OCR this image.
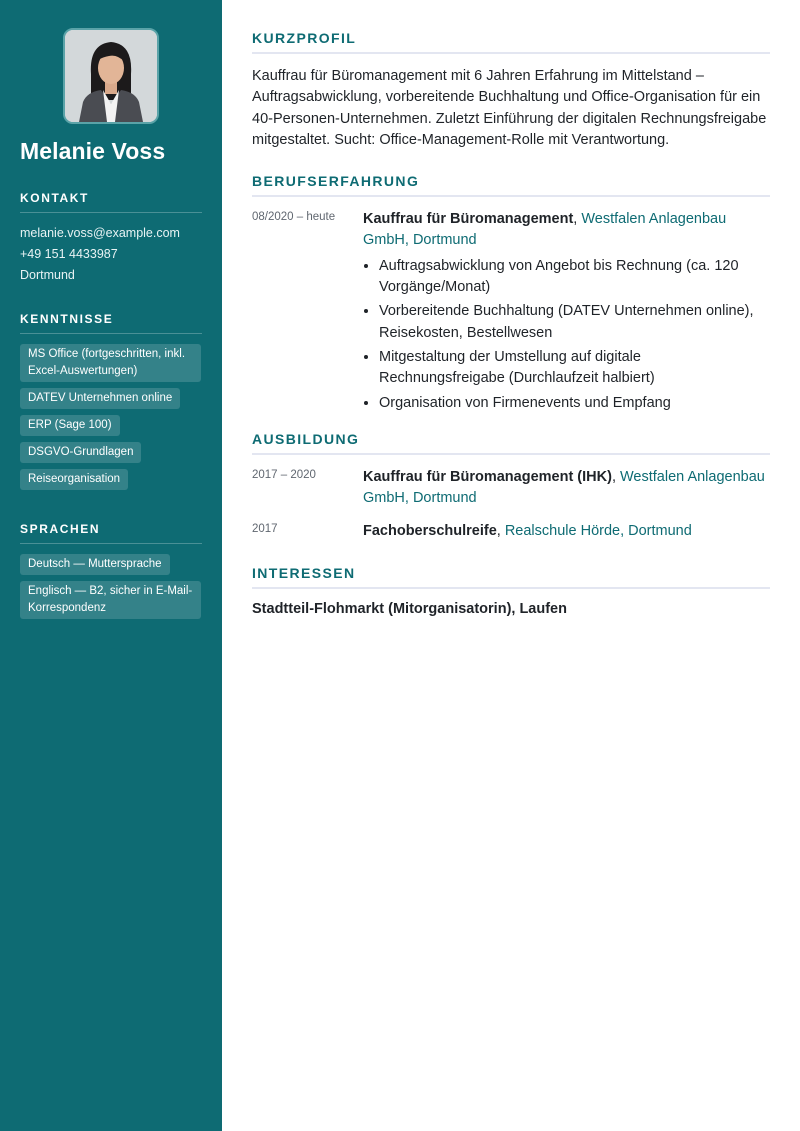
Melanie Voss
KONTAKT
melanie.voss@example.com
+49 151 4433987
Dortmund
KENNTNISSE
MS Office (fortgeschritten, inkl. Excel-Auswertungen)
DATEV Unternehmen online
ERP (Sage 100)
DSGVO-Grundlagen
Reiseorganisation
SPRACHEN
Deutsch — Muttersprache
Englisch — B2, sicher in E-Mail-Korrespondenz
KURZPROFIL
Kauffrau für Büromanagement mit 6 Jahren Erfahrung im Mittelstand – Auftragsabwicklung, vorbereitende Buchhaltung und Office-Organisation für ein 40-Personen-Unternehmen. Zuletzt Einführung der digitalen Rechnungsfreigabe mitgestaltet. Sucht: Office-Management-Rolle mit Verantwortung.
BERUFSERFAHRUNG
08/2020 – heute	Kauffrau für Büromanagement, Westfalen Anlagenbau GmbH, Dortmund
• Auftragsabwicklung von Angebot bis Rechnung (ca. 120 Vorgänge/Monat)
• Vorbereitende Buchhaltung (DATEV Unternehmen online), Reisekosten, Bestellwesen
• Mitgestaltung der Umstellung auf digitale Rechnungsfreigabe (Durchlaufzeit halbiert)
• Organisation von Firmenevents und Empfang
AUSBILDUNG
2017 – 2020	Kauffrau für Büromanagement (IHK), Westfalen Anlagenbau GmbH, Dortmund
2017	Fachoberschulreife, Realschule Hörde, Dortmund
INTERESSEN
Stadtteil-Flohmarkt (Mitorganisatorin), Laufen
